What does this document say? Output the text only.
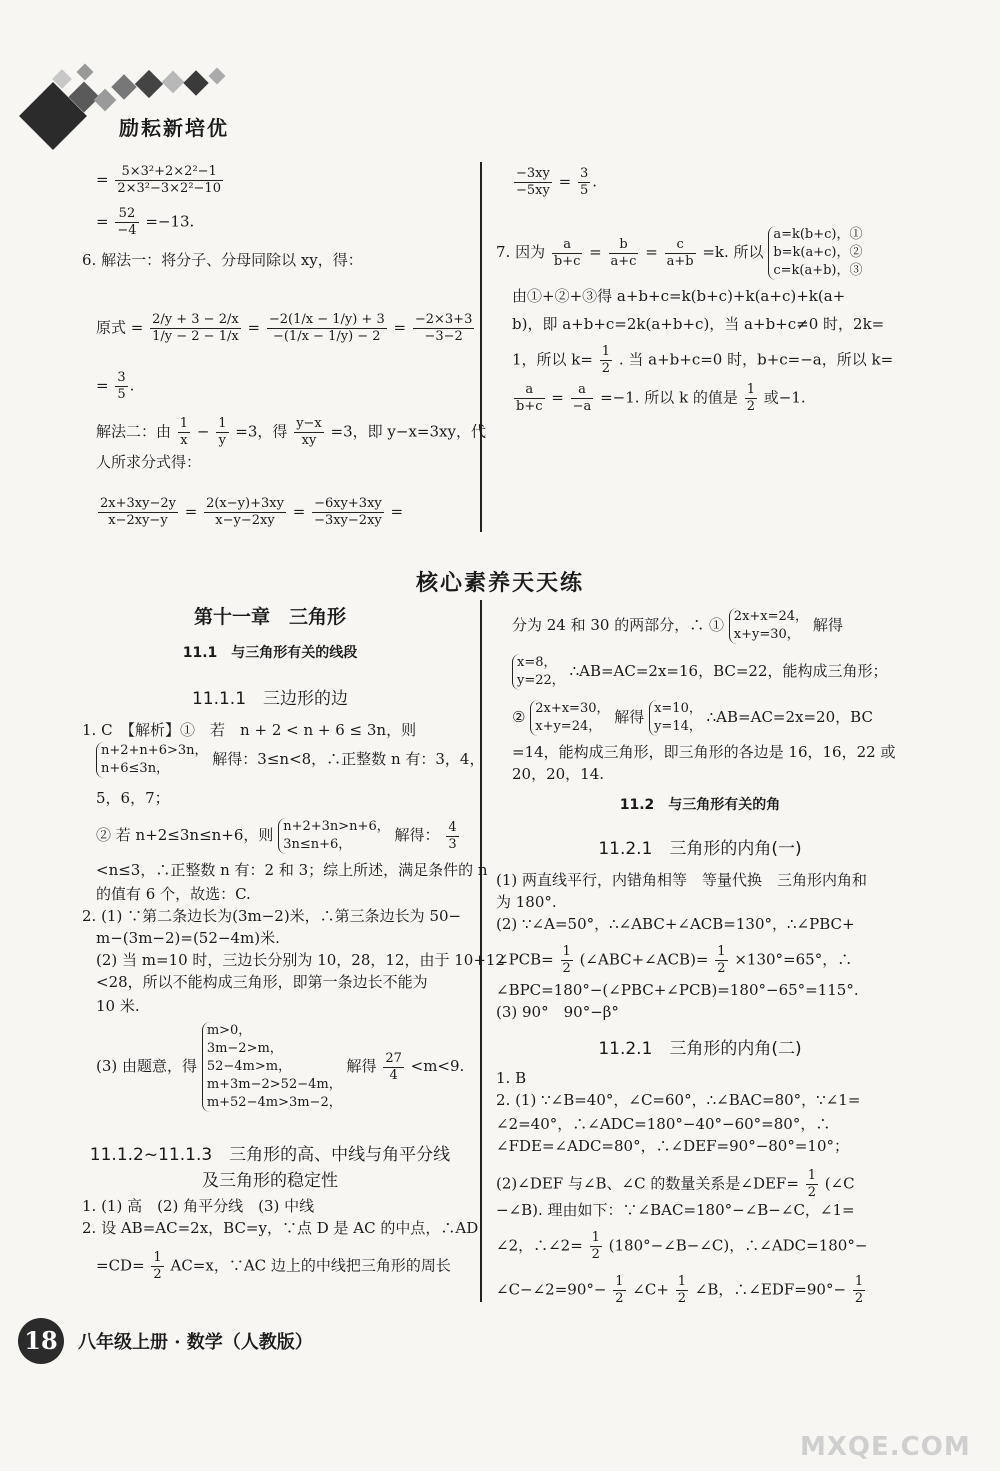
励耘新培优
= $\frac{\text{5×3²+2×2²−1}}{\text{2×3²−3×2²−10}}$
= $\frac{52}{-4} =-13$.
6. 解法一：将分子、分母同除以 xy，得：
原式 = $\frac{2/y + 3 - 2/x}{1/y - 2 - 1/x} = \frac{-2(1/x - 1/y) + 3}{-(1/x - 1/y) - 2} = \frac{-2\times 3+3}{-3-2}$
= $\frac{3}{5}$ .
解法二：由 $\frac{1}{x} - \frac{1}{y} =3$，得 $\frac{y-x}{xy} =3$，即 y−x=3xy，代
人所求分式得：
$\frac{2x+3xy-2y}{x-2xy-y} = \frac{2(x-y)+3xy}{x-y-2xy} = \frac{-6xy+3xy}{-3xy-2xy}$ =
$\frac{-3xy}{-5xy} = \frac{3}{5}$ .
7. 因为 $\frac{a}{b+c} = \frac{b}{a+c} = \frac{c}{a+b} =k$. 所以
a=k(b+c)，①
b=k(a+c)，②
c=k(a+b)，③
由①+②+③得 a+b+c=k(b+c)+k(a+c)+k(a+
b)，即 a+b+c=2k(a+b+c)，当 a+b+c≠0 时，2k=
1，所以 $k= \frac{1}{2}$ . 当 a+b+c=0 时，b+c=−a，所以 k=
$\frac{a}{b+c} = \frac{a}{-a} =-1$. 所以 k 的值是 $\frac{1}{2}$ 或−1.
核心素养天天练
第十一章　三角形
11.1　与三角形有关的线段
11.1.1　三边形的边
1. C　【解析】①　若　n + 2 < n + 6 ≤ 3n，则
n+2+n+6>3n，
n+6≤3n，
解得：3≤n<8，∴正整数 n 有：3，4，
5，6，7；
② 若 n+2≤3n≤n+6，则 n+2+3n>n+6，
3n≤n+6，
解得： $\frac{4}{3}$
<n≤3，∴正整数 n 有：2 和 3；综上所述，满足条件的 n
的值有 6 个，故选：C.
2. (1) ∵第二条边长为(3m−2)米，∴第三条边长为 50−
m−(3m−2)=(52−4m)米.
(2) 当 m=10 时，三边长分别为 10，28，12，由于 10+12
<28，所以不能构成三角形，即第一条边长不能为
10 米.
(3) 由题意，得
m>0，
3m−2>m，
52−4m>m，
m+3m−2>52−4m，
m+52−4m>3m−2，
解得 $\frac{27}{4} <m<9$.
11.1.2~11.1.3　三角形的高、中线与角平分线
及三角形的稳定性
1. (1) 高　(2) 角平分线　(3) 中线
2. 设 AB=AC=2x，BC=y，∵点 D 是 AC 的中点，∴AD
$=CD= \frac{1}{2} AC=x$，∵AC 边上的中线把三角形的周长
分为 24 和 30 的两部分，∴ ① 2x+x=24，
x+y=30，
解得
x=8，
y=22，
∴AB=AC=2x=16，BC=22，能构成三角形；
② 2x+x=30，
x+y=24，
解得 x=10，
y=14，
∴AB=AC=2x=20，BC
=14，能构成三角形，即三角形的各边是 16，16，22 或
20，20，14.
11.2　与三角形有关的角
11.2.1　三角形的内角(一)
(1) 两直线平行，内错角相等　等量代换　三角形内角和
为 180°.
(2) ∵∠A=50°，∴∠ABC+∠ACB=130°，∴∠PBC+
∠PCB= $\frac{1}{2}$ (∠ABC+∠ACB)= $\frac{1}{2} \times 130^\circ=65^\circ$，∴
∠BPC=180°−(∠PBC+∠PCB)=180°−65°=115°.
(3) 90°　90°−β°
11.2.1　三角形的内角(二)
1. B
2. (1) ∵∠B=40°，∠C=60°，∴∠BAC=80°，∵∠1=
∠2=40°，∴∠ADC=180°−40°−60°=80°，∴
∠FDE=∠ADC=80°，∴∠DEF=90°−80°=10°；
(2)∠DEF 与∠B、∠C 的数量关系是∠DEF= $\frac{1}{2}$ (∠C
−∠B). 理由如下：∵∠BAC=180°−∠B−∠C，∠1=
∠2，∴∠2= $\frac{1}{2}$ (180°−∠B−∠C)，∴∠ADC=180°−
∠C−∠2=90°− $\frac{1}{2}$ ∠C+ $\frac{1}{2}$ ∠B，∴∠EDF=90°− $\frac{1}{2}$
18	八年级上册 · 数学（人教版）
MXQE.COM
